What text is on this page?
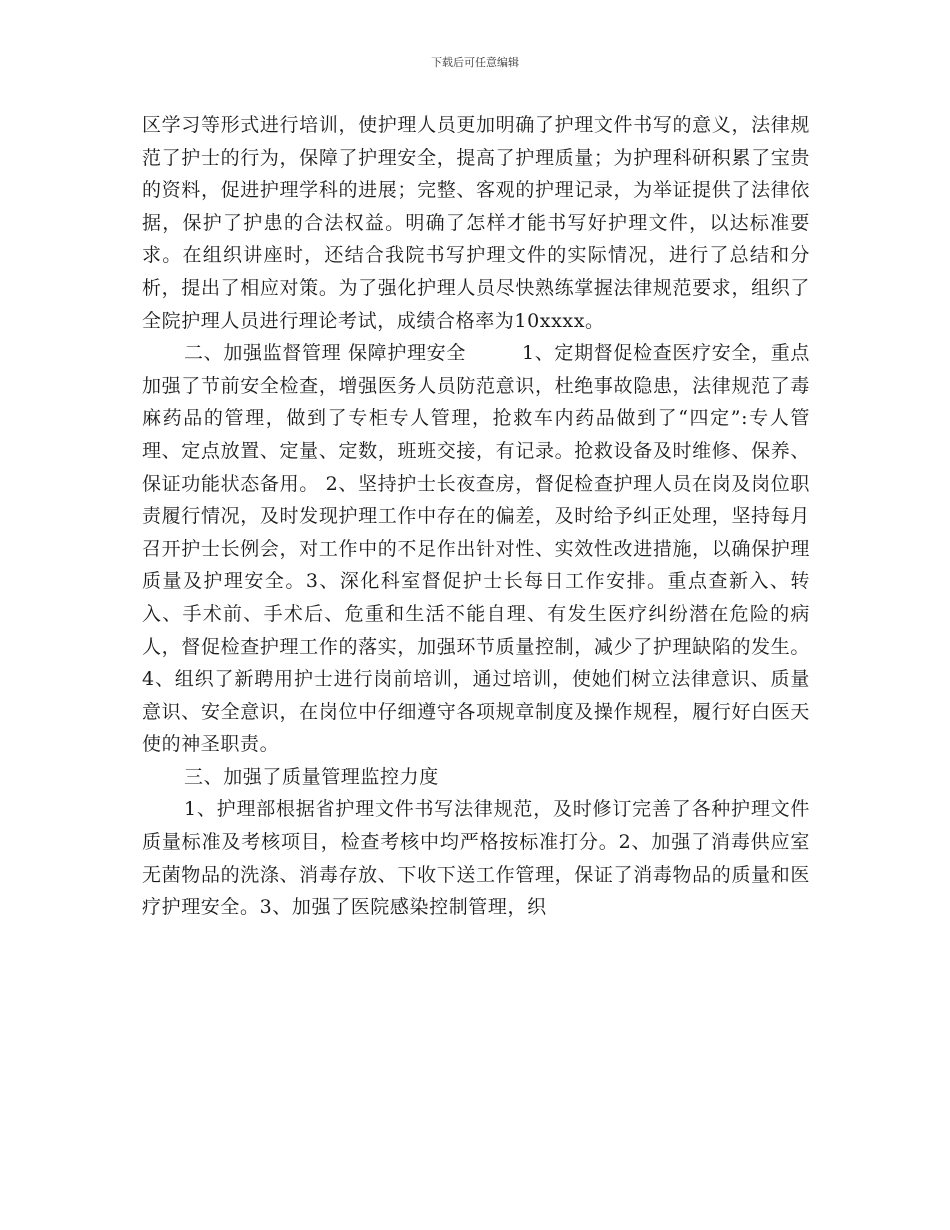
下载后可任意编辑

区学习等形式进行培训，使护理人员更加明确了护理文件书写的意义，法律规范了护士的行为，保障了护理安全，提高了护理质量；为护理科研积累了宝贵的资料，促进护理学科的进展；完整、客观的护理记录，为举证提供了法律依据，保护了护患的合法权益。明确了怎样才能书写好护理文件，以达标准要求。在组织讲座时，还结合我院书写护理文件的实际情况，进行了总结和分析，提出了相应对策。为了强化护理人员尽快熟练掌握法律规范要求，组织了全院护理人员进行理论考试，成绩合格率为10xxxx。

二、加强监督管理 保障护理安全	1、定期督促检查医疗安全，重点加强了节前安全检查，增强医务人员防范意识，杜绝事故隐患，法律规范了毒麻药品的管理，做到了专柜专人管理，抢救车内药品做到了“四定”:专人管理、定点放置、定量、定数，班班交接，有记录。抢救设备及时维修、保养、保证功能状态备用。 2、坚持护士长夜查房，督促检查护理人员在岗及岗位职责履行情况，及时发现护理工作中存在的偏差，及时给予纠正处理，坚持每月召开护士长例会，对工作中的不足作出针对性、实效性改进措施，以确保护理质量及护理安全。3、深化科室督促护士长每日工作安排。重点查新入、转入、手术前、手术后、危重和生活不能自理、有发生医疗纠纷潜在危险的病人，督促检查护理工作的落实，加强环节质量控制，减少了护理缺陷的发生。4、组织了新聘用护士进行岗前培训，通过培训，使她们树立法律意识、质量意识、安全意识，在岗位中仔细遵守各项规章制度及操作规程，履行好白医天使的神圣职责。

三、加强了质量管理监控力度

1、护理部根据省护理文件书写法律规范，及时修订完善了各种护理文件质量标准及考核项目，检查考核中均严格按标准打分。2、加强了消毒供应室无菌物品的洗涤、消毒存放、下收下送工作管理，保证了消毒物品的质量和医疗护理安全。3、加强了医院感染控制管理，织
